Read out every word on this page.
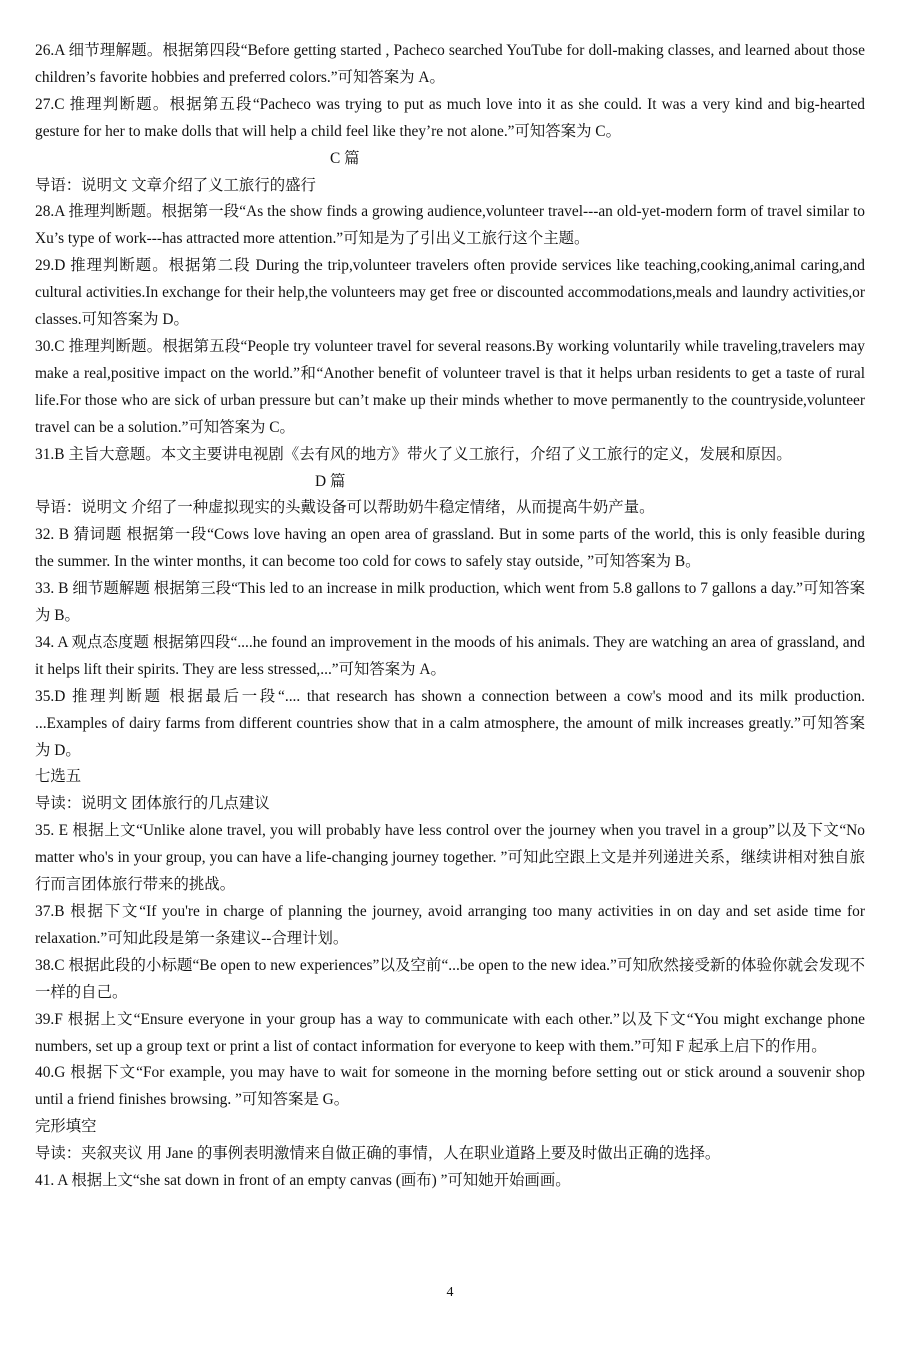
26.A 细节理解题。根据第四段“Before getting started , Pacheco searched YouTube for doll-making classes, and learned about those children’s favorite hobbies and preferred colors.”可知答案为 A。

27.C 推理判断题。根据第五段“Pacheco was trying to put as much love into it as she could. It was a very kind and big-hearted gesture for her to make dolls that will help a child feel like they’re not alone.”可知答案为 C。

C 篇

导语：说明文 文章介绍了义工旅行的盛行

28.A 推理判断题。根据第一段“As the show finds a growing audience,volunteer travel---an old-yet-modern form of travel similar to Xu’s type of work---has attracted more attention.”可知是为了引出义工旅行这个主题。

29.D 推理判断题。根据第二段 During the trip,volunteer travelers often provide services like teaching,cooking,animal caring,and cultural activities.In exchange for their help,the volunteers may get free or discounted accommodations,meals and laundry activities,or classes.可知答案为 D。

30.C 推理判断题。根据第五段“People try volunteer travel for several reasons.By working voluntarily while traveling,travelers may make a real,positive impact on the world.”和“Another benefit of volunteer travel is that it helps urban residents to get a taste of rural life.For those who are sick of urban pressure but can’t make up their minds whether to move permanently to the countryside,volunteer travel can be a solution.”可知答案为 C。

31.B 主旨大意题。本文主要讲电视剧《去有风的地方》带火了义工旅行，介绍了义工旅行的定义，发展和原因。

D 篇

导语：说明文 介绍了一种虚拟现实的头戴设备可以帮助奶牛稳定情绪，从而提高牛奶产量。

32. B 猜词题 根据第一段“Cows love having an open area of grassland. But in some parts of the world, this is only feasible during the summer. In the winter months, it can become too cold for cows to safely stay outside, ”可知答案为 B。

33. B 细节题解题 根据第三段“This led to an increase in milk production, which went from 5.8 gallons to 7 gallons a day.”可知答案为 B。

34. A 观点态度题 根据第四段“....he found an improvement in the moods of his animals. They are watching an area of grassland, and it helps lift their spirits. They are less stressed,...”可知答案为 A。

35.D 推理判断题 根据最后一段“.... that research has shown a connection between a cow's mood and its milk production. ...Examples of dairy farms from different countries show that in a calm atmosphere, the amount of milk increases greatly.”可知答案为 D。

七选五

导读：说明文 团体旅行的几点建议

35. E 根据上文“Unlike alone travel, you will probably have less control over the journey when you travel in a group”以及下文“No matter who's in your group, you can have a life-changing journey together. ”可知此空跟上文是并列递进关系，继续讲相对独自旅行而言团体旅行带来的挑战。

37.B 根据下文“If you're in charge of planning the journey, avoid arranging too many activities in on day and set aside time for relaxation.”可知此段是第一条建议--合理计划。

38.C 根据此段的小标题“Be open to new experiences”以及空前“...be open to the new idea.”可知欣然接受新的体验你就会发现不一样的自己。

39.F 根据上文“Ensure everyone in your group has a way to communicate with each other.”以及下文“You might exchange phone numbers, set up a group text or print a list of contact information for everyone to keep with them.”可知 F 起承上启下的作用。

40.G 根据下文“For example, you may have to wait for someone in the morning before setting out or stick around a souvenir shop until a friend finishes browsing. ”可知答案是 G。

完形填空

导读：夹叙夹议 用 Jane 的事例表明激情来自做正确的事情，人在职业道路上要及时做出正确的选择。

41. A 根据上文“she sat down in front of an empty canvas (画布) ”可知她开始画画。

4
